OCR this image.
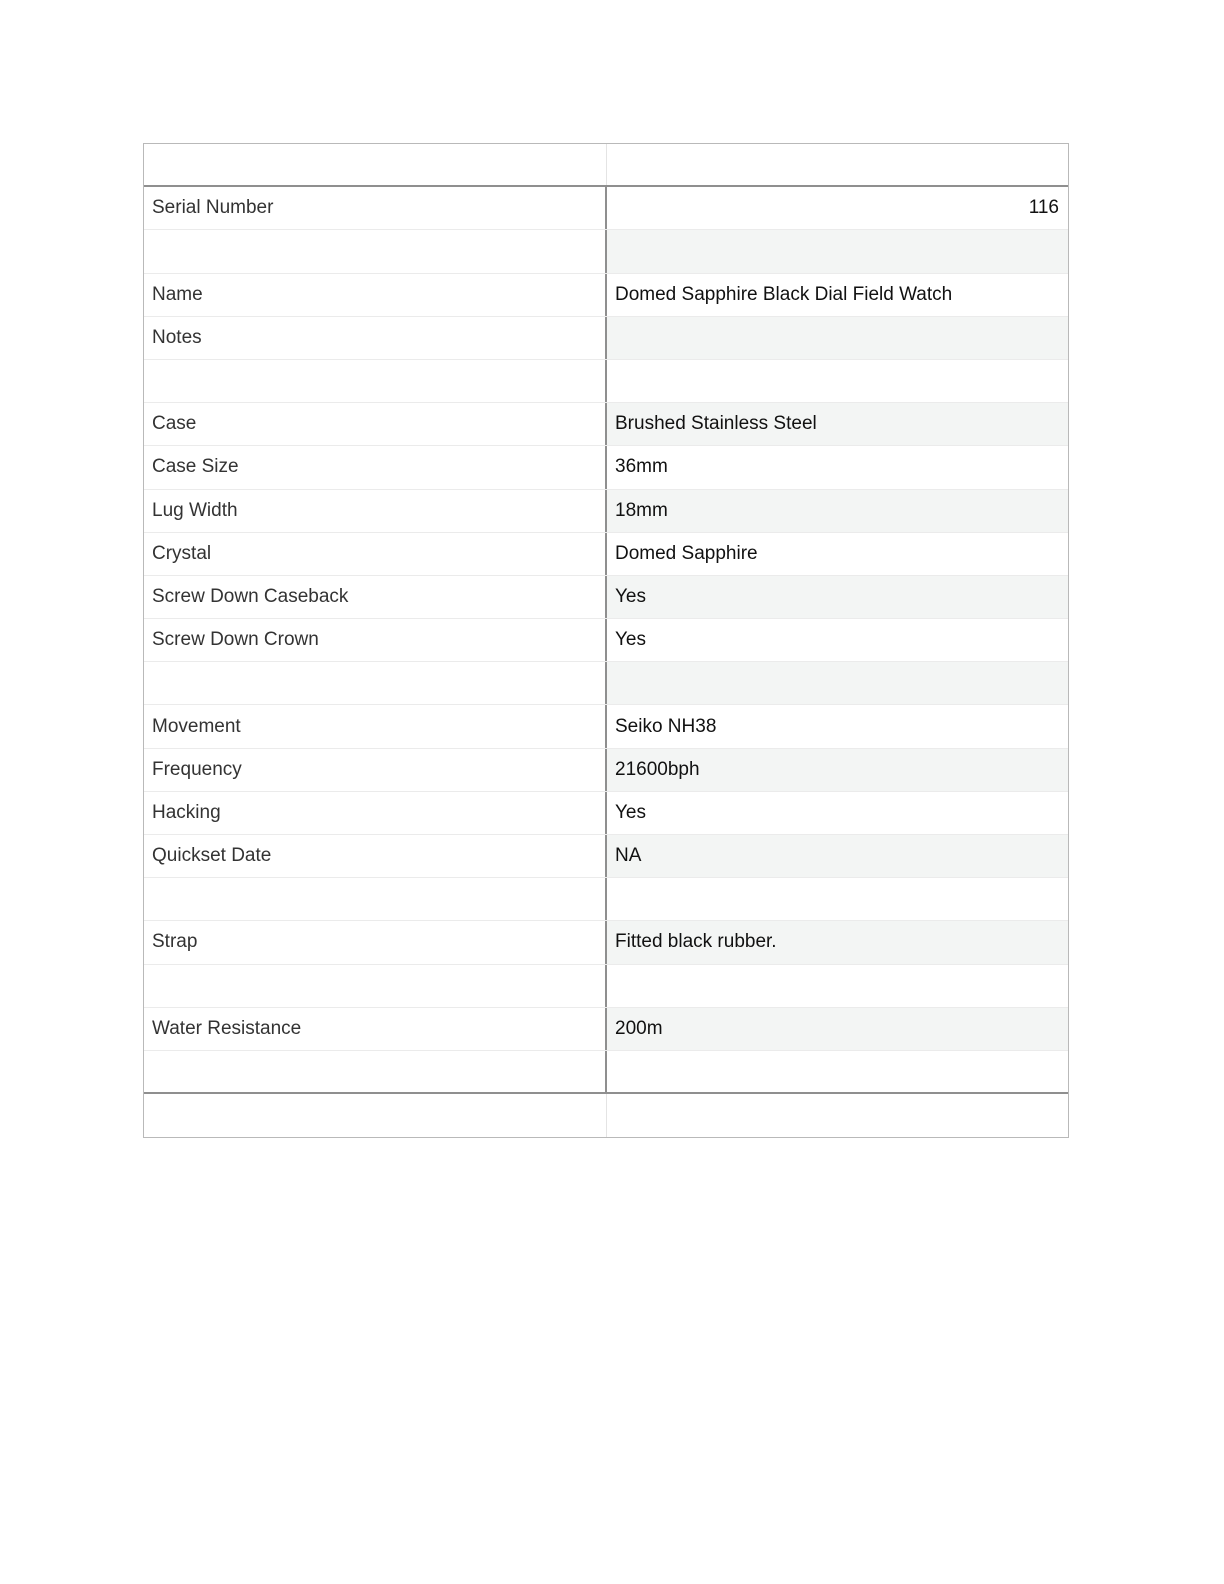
Serial Number	116
Name	Domed Sapphire Black Dial Field Watch
Notes
Case	Brushed Stainless Steel
Case Size	36mm
Lug Width	18mm
Crystal	Domed Sapphire
Screw Down Caseback	Yes
Screw Down Crown	Yes
Movement	Seiko NH38
Frequency	21600bph
Hacking	Yes
Quickset Date	NA
Strap	Fitted black rubber.
Water Resistance	200m
